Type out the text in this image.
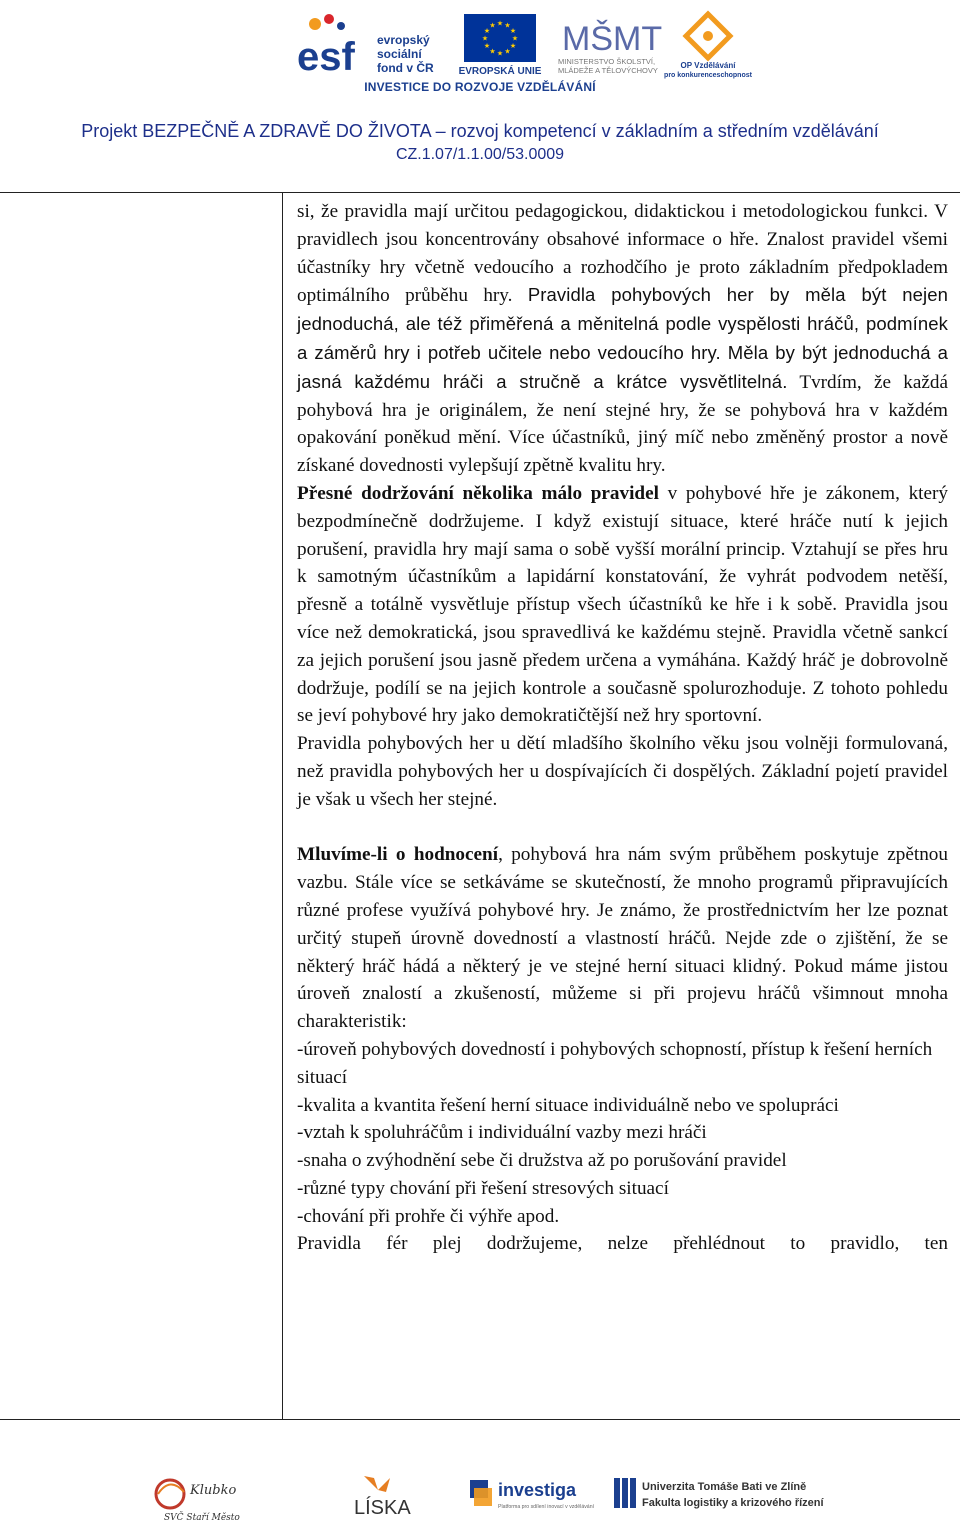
esf evropský
sociální
fond v ČR
★
★
★
★
★
★
★
★
★ ★ ★
★
EVROPSKÁ UNIE
MŠMT
MINISTERSTVO ŠKOLSTVÍ,
MLÁDEŽE A TĚLOVÝCHOVY
OP Vzdělávání
pro konkurenceschopnost
INVESTICE DO ROZVOJE VZDĚLÁVÁNÍ
Projekt BEZPEČNĚ A ZDRAVĚ DO ŽIVOTA – rozvoj kompetencí v základním a středním vzdělávání
CZ.1.07/1.1.00/53.0009

si, že pravidla mají určitou pedagogickou, didaktickou i metodologickou funkci. V pravidlech jsou koncentrovány obsahové informace o hře. Znalost pravidel všemi účastníky hry včetně vedoucího a rozhodčího je proto základním předpokladem optimálního průběhu hry. Pravidla pohybových her by měla být nejen jednoduchá, ale též přiměřená a měnitelná podle vyspělosti hráčů, podmínek a záměrů hry i potřeb učitele nebo vedoucího hry. Měla by být jednoduchá a jasná každému hráči a stručně a krátce vysvětlitelná. Tvrdím, že každá pohybová hra je originálem, že není stejné hry, že se pohybová hra v každém opakování poněkud mění. Více účastníků, jiný míč nebo změněný prostor a nově získané dovednosti vylepšují zpětně kvalitu hry.

Přesné dodržování několika málo pravidel v pohybové hře je zákonem, který bezpodmínečně dodržujeme. I když existují situace, které hráče nutí k jejich porušení, pravidla hry mají sama o sobě vyšší morální princip. Vztahují se přes hru k samotným účastníkům a lapidární konstatování, že vyhrát podvodem netěší, přesně a totálně vysvětluje přístup všech účastníků ke hře i k sobě. Pravidla jsou více než demokratická, jsou spravedlivá ke každému stejně. Pravidla včetně sankcí za jejich porušení jsou jasně předem určena a vymáhána. Každý hráč je dobrovolně dodržuje, podílí se na jejich kontrole a současně spolurozhoduje. Z tohoto pohledu se jeví pohybové hry jako demokratičtější než hry sportovní.

Pravidla pohybových her u dětí mladšího školního věku jsou volněji formulovaná, než pravidla pohybových her u dospívajících či dospělých. Základní pojetí pravidel je však u všech her stejné.

Mluvíme-li o hodnocení, pohybová hra nám svým průběhem poskytuje zpětnou vazbu. Stále více se setkáváme se skutečností, že mnoho programů připravujících různé profese využívá pohybové hry. Je známo, že prostřednictvím her lze poznat určitý stupeň úrovně dovedností a vlastností hráčů. Nejde zde o zjištění, že se některý hráč hádá a některý je ve stejné herní situaci klidný. Pokud máme jistou úroveň znalostí a zkušeností, můžeme si při projevu hráčů všimnout mnoha charakteristik:

-úroveň pohybových dovedností i pohybových schopností, přístup k řešení herních situací

-kvalita a kvantita řešení herní situace individuálně nebo ve spolupráci

-vztah k spoluhráčům i individuální vazby mezi hráči

-snaha o zvýhodnění sebe či družstva až po porušování pravidel

-různé typy chování při řešení stresových situací

-chování při prohře či výhře apod.

Pravidla fér plej dodržujeme, nelze přehlédnout to pravidlo, ten

Klubko
SVČ Staří Město	LÍSKA
investiga
Platforma pro sdílení inovací v vzdělávání
Univerzita Tomáše Bati ve Zlíně
Fakulta logistiky a krizového řízení
